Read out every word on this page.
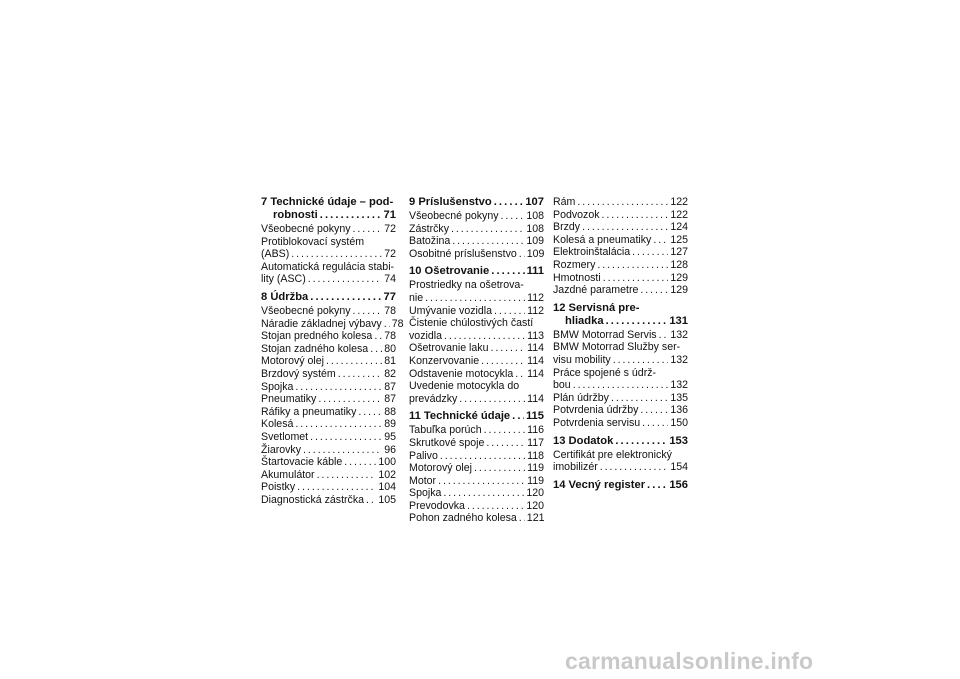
7 Technické údaje – pod-
robnosti . . .	71
Všeobecné pokyny . . .	72
Protiblokovací systém
(ABS) . . .	72
Automatická regulácia stabi-
lity (ASC) . . .	74
8 Údržba . . .	77
Všeobecné pokyny . . .	78
Náradie základnej výbavy . . . 78
Stojan predného kolesa . . . 78
Stojan zadného kolesa . . . 80
Motorový olej . . .	81
Brzdový systém . . .	82
Spojka . . .	87
Pneumatiky . . .	87
Ráfiky a pneumatiky . . .	88
Kolesá . . .	89
Svetlomet . . .	95
Žiarovky . . .	96
Štartovacie káble . . .	100
Akumulátor . . .	102
Poistky . . .	104
Diagnostická zástrčka . . . 105
9 Príslušenstvo . . .	107
Všeobecné pokyny . . .	108
Zástrčky . . .	108
Batožina . . .	109
Osobitné príslušenstvo . . . 109
10 Ošetrovanie . . .	111
Prostriedky na ošetrova-
nie . . .	112
Umývanie vozidla . . .	112
Čistenie chúlostivých častí
vozidla . . .	113
Ošetrovanie laku . . .	114
Konzervovanie . . .	114
Odstavenie motocykla . . . 114
Uvedenie motocykla do
prevádzky . . .	114
11 Technické údaje . . . 115
Tabuľka porúch . . .	116
Skrutkové spoje . . .	117
Palivo . . .	118
Motorový olej . . .	119
Motor . . .	119
Spojka . . .	120
Prevodovka . . .	120
Pohon zadného kolesa . . . 121
Rám . . .	122
Podvozok . . .	122
Brzdy . . .	124
Kolesá a pneumatiky . . . 125
Elektroinštalácia . . .	127
Rozmery . . .	128
Hmotnosti . . .	129
Jazdné parametre . . .	129
12 Servisná pre-
hliadka . . .	131
BMW Motorrad Servis . . . 132
BMW Motorrad Služby ser-
visu mobility . . .	132
Práce spojené s údrž-
bou . . .	132
Plán údržby . . .	135
Potvrdenia údržby . . .	136
Potvrdenia servisu . . .	150
13 Dodatok . . .	153
Certifikát pre elektronický
imobilizér . . .	154
14 Vecný register . . . 156
carmanualsonline.info
